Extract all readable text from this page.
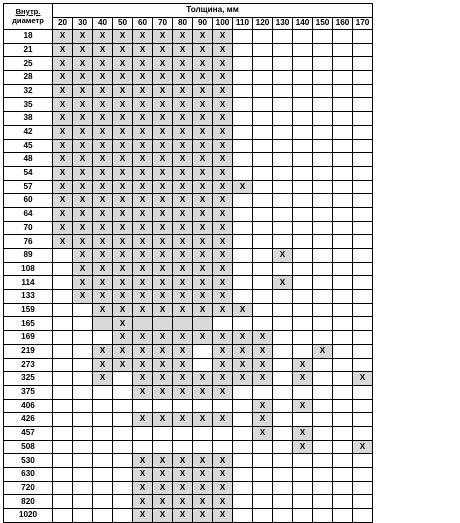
Внутр.
диаметр	Толщина, мм															
	20	30	40	50	60	70	80	90	100	110	120	130	140	150	160	170
18	X	X	X	X	X	X	X	X	X							
21	X	X	X	X	X	X	X	X	X							
25	X	X	X	X	X	X	X	X	X							
28	X	X	X	X	X	X	X	X	X							
32	X	X	X	X	X	X	X	X	X							
35	X	X	X	X	X	X	X	X	X							
38	X	X	X	X	X	X	X	X	X							
42	X	X	X	X	X	X	X	X	X							
45	X	X	X	X	X	X	X	X	X							
48	X	X	X	X	X	X	X	X	X							
54	X	X	X	X	X	X	X	X	X							
57	X	X	X	X	X	X	X	X	X	X						
60	X	X	X	X	X	X	X	X	X							
64	X	X	X	X	X	X	X	X	X							
70	X	X	X	X	X	X	X	X	X							
76	X	X	X	X	X	X	X	X	X							
89		X	X	X	X	X	X	X	X			X				
108		X	X	X	X	X	X	X	X							
114		X	X	X	X	X	X	X	X			X				
133		X	X	X	X	X	X	X	X							
159			X	X	X	X	X	X	X	X						
165				X												
169				X	X	X	X	X	X	X	X					
219			X	X	X	X	X		X	X	X			X		
273			X	X	X	X	X		X	X	X		X			
325			X		X	X	X	X	X	X	X		X			X
375					X	X	X	X	X							
406											X		X			
426					X	X	X	X	X		X					
457											X		X			
508													X			X
530					X	X	X	X	X							
630					X	X	X	X	X							
720					X	X	X	X	X							
820					X	X	X	X	X							
1020					X	X	X	X	X							
